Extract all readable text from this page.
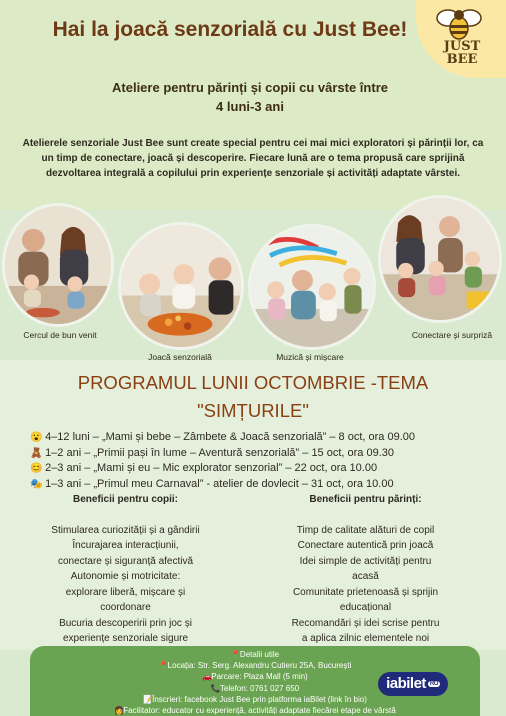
JUST
BEE
Hai la joacă senzorială cu Just Bee!
Ateliere pentru părinți și copii cu vârste între
4 luni-3 ani
Atelierele senzoriale Just Bee sunt create special pentru cei mai mici exploratori și părinții lor, ca un timp de conectare, joacă și descoperire. Fiecare lună are o tema propusă care sprijină dezvoltarea integrală a copilului prin experiențe senzoriale și activități adaptate vârstei.
Cercul de bun venit
Joacă senzorială	Muzică și mișcare
Conectare și surpriză
PROGRAMUL LUNII OCTOMBRIE -TEMA
"SIMȚURILE"
😮 4–12 luni – „Mami și bebe – Zâmbete & Joacă senzorială” – 8 oct, ora 09.00
🧸 1–2 ani – „Primii pași în lume – Aventură senzorială” – 15 oct, ora 09.30
😊 2–3 ani – „Mami și eu – Mic explorator senzorial” – 22 oct, ora 10.00
🎭 1–3 ani – „Primul meu Carnaval” - atelier de dovlecit – 31 oct, ora 10.00
Beneficii pentru copii:
Stimularea curiozității și a gândirii
Încurajarea interacțiunii,
conectare și siguranță afectivă
Autonomie și motricitate:
explorare liberă, mișcare și
coordonare
Bucuria descoperirii prin joc și
experiențe senzoriale sigure
Beneficii pentru părinți:
Timp de calitate alături de copil
Conectare autentică prin joacă
Idei simple de activități pentru
acasă
Comunitate prietenoasă și sprijin
educațional
Recomandări și idei scrise pentru
a aplica zilnic elementele noi
📍Detalii utile
📍Locația: Str. Serg. Alexandru Cutieru 25A, București
🚗Parcare: Plaza Mall (5 min)
📞Telefon: 0761 027 650
📝Înscrieri: facebook Just Bee prin platforma iaBilet (link în bio)
👩Facilitator: educator cu experiență, activități adaptate fiecărei etape de vârstă
iabilet $^{RO}$
